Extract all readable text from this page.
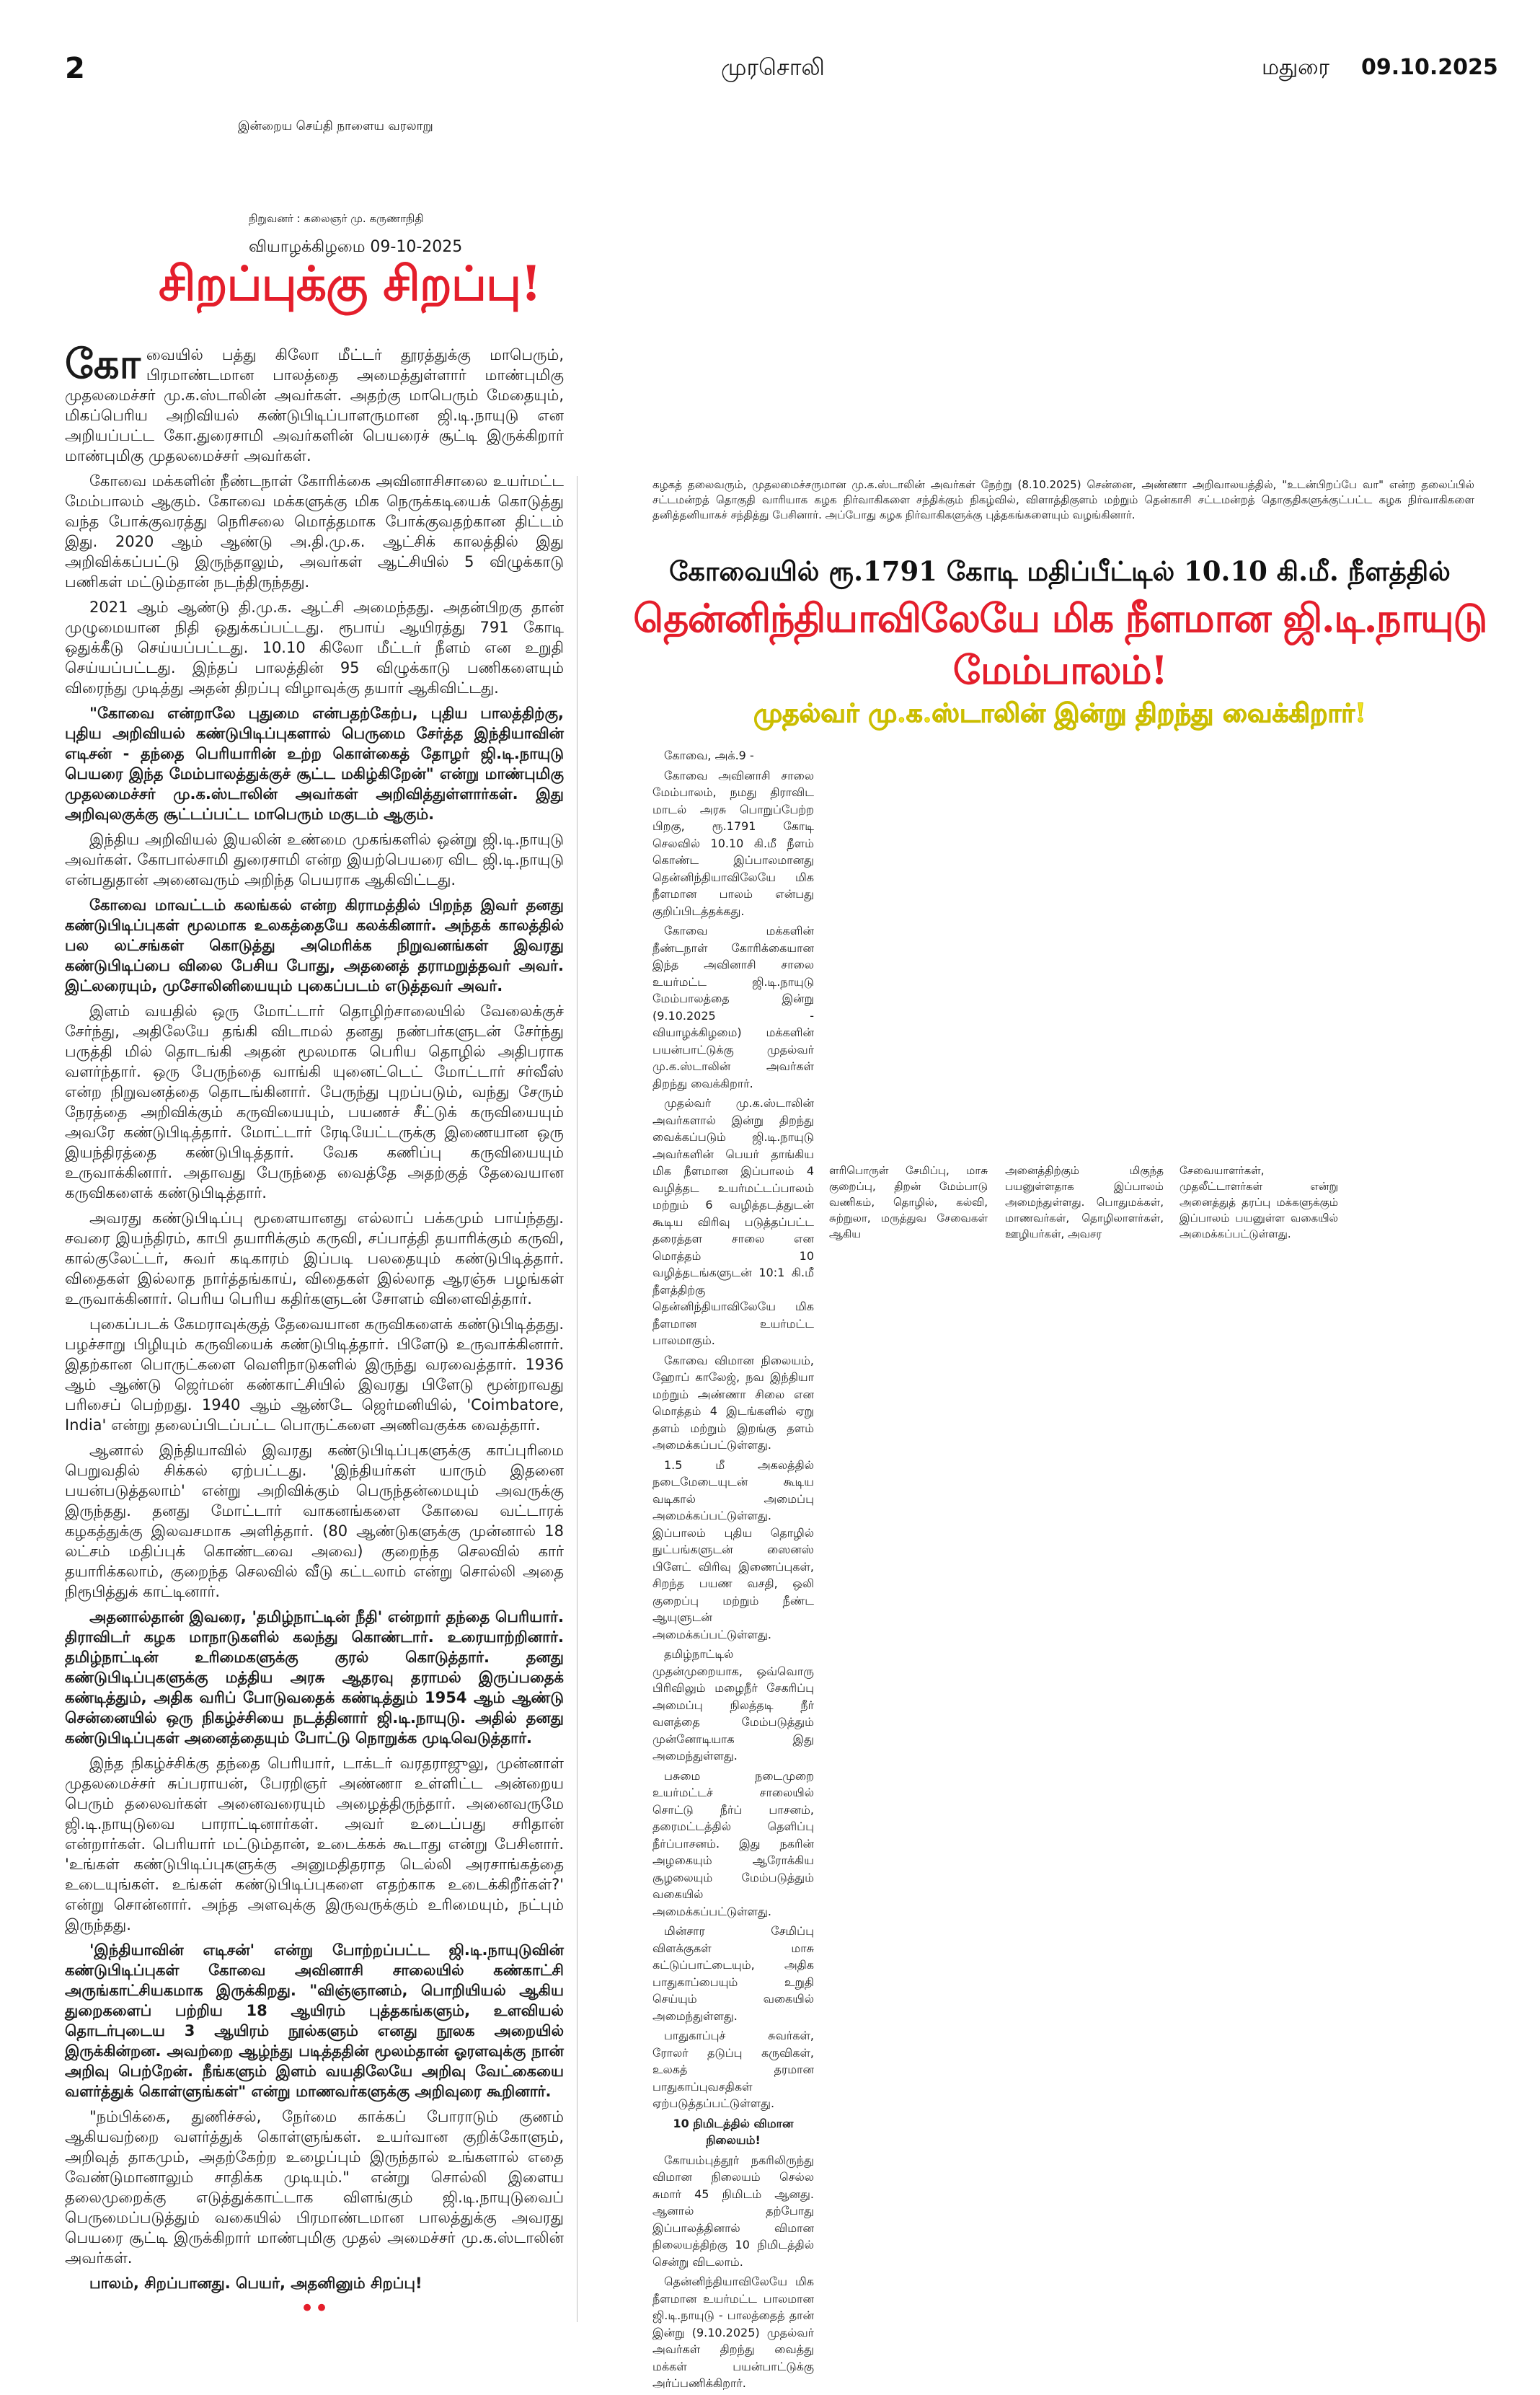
2	முரசொலி	மதுரை 09.10.2025
இன்றைய செய்தி நாளைய வரலாறு
நிறுவனர் : கலைஞர் மு. கருணாநிதி
வியாழக்கிழமை 09-10-2025
சிறப்புக்கு சிறப்பு!

கோவையில் பத்து கிலோ மீட்டர் தூரத்துக்கு மாபெரும், பிரமாண்டமான பாலத்தை அமைத்துள்ளார் மாண்புமிகு முதலமைச்சர் மு.க.ஸ்டாலின் அவர்கள். அதற்கு மாபெரும் மேதையும், மிகப்பெரிய அறிவியல் கண்டுபிடிப்பாளருமான ஜி.டி.நாயுடு என அறியப்பட்ட கோ.துரைசாமி அவர்களின் பெயரைச் சூட்டி இருக்கிறார் மாண்புமிகு முதலமைச்சர் அவர்கள்.

கோவை மக்களின் நீண்டநாள் கோரிக்கை அவினாசிசாலை உயர்மட்ட மேம்பாலம் ஆகும். கோவை மக்களுக்கு மிக நெருக்கடியைக் கொடுத்து வந்த போக்குவரத்து நெரிசலை மொத்தமாக போக்குவதற்கான திட்டம் இது. 2020 ஆம் ஆண்டு அ.தி.மு.க. ஆட்சிக் காலத்தில் இது அறிவிக்கப்பட்டு இருந்தாலும், அவர்கள் ஆட்சியில் 5 விழுக்காடு பணிகள் மட்டும்தான் நடந்திருந்தது.

2021 ஆம் ஆண்டு தி.மு.க. ஆட்சி அமைந்தது. அதன்பிறகு தான் முழுமையான நிதி ஒதுக்கப்பட்டது. ரூபாய் ஆயிரத்து 791 கோடி ஒதுக்கீடு செய்யப்பட்டது. 10.10 கிலோ மீட்டர் நீளம் என உறுதி செய்யப்பட்டது. இந்தப் பாலத்தின் 95 விழுக்காடு பணிகளையும் விரைந்து முடித்து அதன் திறப்பு விழாவுக்கு தயார் ஆகிவிட்டது.

"கோவை என்றாலே புதுமை என்பதற்கேற்ப, புதிய பாலத்திற்கு, புதிய அறிவியல் கண்டுபிடிப்புகளால் பெருமை சேர்த்த இந்தியாவின் எடிசன் - தந்தை பெரியாரின் உற்ற கொள்கைத் தோழர் ஜி.டி.நாயுடு பெயரை இந்த மேம்பாலத்துக்குச் சூட்ட மகிழ்கிறேன்" என்று மாண்புமிகு முதலமைச்சர் மு.க.ஸ்டாலின் அவர்கள் அறிவித்துள்ளார்கள். இது அறிவுலகுக்கு சூட்டப்பட்ட மாபெரும் மகுடம் ஆகும்.

இந்திய அறிவியல் இயலின் உண்மை முகங்களில் ஒன்று ஜி.டி.நாயுடு அவர்கள். கோபால்சாமி துரைசாமி என்ற இயற்பெயரை விட ஜி.டி.நாயுடு என்பதுதான் அனைவரும் அறிந்த பெயராக ஆகிவிட்டது.

கோவை மாவட்டம் கலங்கல் என்ற கிராமத்தில் பிறந்த இவர் தனது கண்டுபிடிப்புகள் மூலமாக உலகத்தையே கலக்கினார். அந்தக் காலத்தில் பல லட்சங்கள் கொடுத்து அமெரிக்க நிறுவனங்கள் இவரது கண்டுபிடிப்பை விலை பேசிய போது, அதனைத் தராமறுத்தவர் அவர். இட்லரையும், முசோலினியையும் புகைப்படம் எடுத்தவர் அவர்.

இளம் வயதில் ஒரு மோட்டார் தொழிற்சாலையில் வேலைக்குச் சேர்ந்து, அதிலேயே தங்கி விடாமல் தனது நண்பர்களுடன் சேர்ந்து பருத்தி மில் தொடங்கி அதன் மூலமாக பெரிய தொழில் அதிபராக வளர்ந்தார். ஒரு பேருந்தை வாங்கி யுனைட்டெட் மோட்டார் சர்வீஸ் என்ற நிறுவனத்தை தொடங்கினார். பேருந்து புறப்படும், வந்து சேரும் நேரத்தை அறிவிக்கும் கருவியையும், பயணச் சீட்டுக் கருவியையும் அவரே கண்டுபிடித்தார். மோட்டார் ரேடியேட்டருக்கு இணையான ஒரு இயந்திரத்தை கண்டுபிடித்தார். வேக கணிப்பு கருவியையும் உருவாக்கினார். அதாவது பேருந்தை வைத்தே அதற்குத் தேவையான கருவிகளைக் கண்டுபிடித்தார்.

அவரது கண்டுபிடிப்பு மூளையானது எல்லாப் பக்கமும் பாய்ந்தது. சவரை இயந்திரம், காபி தயாரிக்கும் கருவி, சப்பாத்தி தயாரிக்கும் கருவி, கால்குலேட்டர், சுவர் கடிகாரம் இப்படி பலதையும் கண்டுபிடித்தார். விதைகள் இல்லாத நார்த்தங்காய், விதைகள் இல்லாத ஆரஞ்சு பழங்கள் உருவாக்கினார். பெரிய பெரிய கதிர்களுடன் சோளம் விளைவித்தார்.

புகைப்படக் கேமராவுக்குத் தேவையான கருவிகளைக் கண்டுபிடித்தது. பழச்சாறு பிழியும் கருவியைக் கண்டுபிடித்தார். பிளேடு உருவாக்கினார். இதற்கான பொருட்களை வெளிநாடுகளில் இருந்து வரவைத்தார். 1936 ஆம் ஆண்டு ஜெர்மன் கண்காட்சியில் இவரது பிளேடு மூன்றாவது பரிசைப் பெற்றது. 1940 ஆம் ஆண்டே ஜெர்மனியில், 'Coimbatore, India' என்று தலைப்பிடப்பட்ட பொருட்களை அணிவகுக்க வைத்தார்.

ஆனால் இந்தியாவில் இவரது கண்டுபிடிப்புகளுக்கு காப்புரிமை பெறுவதில் சிக்கல் ஏற்பட்டது. 'இந்தியர்கள் யாரும் இதனை பயன்படுத்தலாம்' என்று அறிவிக்கும் பெருந்தன்மையும் அவருக்கு இருந்தது. தனது மோட்டார் வாகனங்களை கோவை வட்டாரக் கழகத்துக்கு இலவசமாக அளித்தார். (80 ஆண்டுகளுக்கு முன்னால் 18 லட்சம் மதிப்புக் கொண்டவை அவை) குறைந்த செலவில் கார் தயாரிக்கலாம், குறைந்த செலவில் வீடு கட்டலாம் என்று சொல்லி அதை நிரூபித்துக் காட்டினார்.

அதனால்தான் இவரை, 'தமிழ்நாட்டின் நீதி' என்றார் தந்தை பெரியார். திராவிடர் கழக மாநாடுகளில் கலந்து கொண்டார். உரையாற்றினார். தமிழ்நாட்டின் உரிமைகளுக்கு குரல் கொடுத்தார். தனது கண்டுபிடிப்புகளுக்கு மத்திய அரசு ஆதரவு தராமல் இருப்பதைக் கண்டித்தும், அதிக வரிப் போடுவதைக் கண்டித்தும் 1954 ஆம் ஆண்டு சென்னையில் ஒரு நிகழ்ச்சியை நடத்தினார் ஜி.டி.நாயுடு. அதில் தனது கண்டுபிடிப்புகள் அனைத்தையும் போட்டு நொறுக்க முடிவெடுத்தார்.

இந்த நிகழ்ச்சிக்கு தந்தை பெரியார், டாக்டர் வரதராஜுலு, முன்னாள் முதலமைச்சர் சுப்பராயன், பேரறிஞர் அண்ணா உள்ளிட்ட அன்றைய பெரும் தலைவர்கள் அனைவரையும் அழைத்திருந்தார். அனைவருமே ஜி.டி.நாயுடுவை பாராட்டினார்கள். அவர் உடைப்பது சரிதான் என்றார்கள். பெரியார் மட்டும்தான், உடைக்கக் கூடாது என்று பேசினார். 'உங்கள் கண்டுபிடிப்புகளுக்கு அனுமதிதராத டெல்லி அரசாங்கத்தை உடையுங்கள். உங்கள் கண்டுபிடிப்புகளை எதற்காக உடைக்கிறீர்கள்?' என்று சொன்னார். அந்த அளவுக்கு இருவருக்கும் உரிமையும், நட்பும் இருந்தது.

'இந்தியாவின் எடிசன்' என்று போற்றப்பட்ட ஜி.டி.நாயுடுவின் கண்டுபிடிப்புகள் கோவை அவினாசி சாலையில் கண்காட்சி அருங்காட்சியகமாக இருக்கிறது. "விஞ்ஞானம், பொறியியல் ஆகிய துறைகளைப் பற்றிய 18 ஆயிரம் புத்தகங்களும், உளவியல் தொடர்புடைய 3 ஆயிரம் நூல்களும் எனது நூலக அறையில் இருக்கின்றன. அவற்றை ஆழ்ந்து படித்ததின் மூலம்தான் ஓரளவுக்கு நான் அறிவு பெற்றேன். நீங்களும் இளம் வயதிலேயே அறிவு வேட்கையை வளர்த்துக் கொள்ளுங்கள்" என்று மாணவர்களுக்கு அறிவுரை கூறினார்.

"நம்பிக்கை, துணிச்சல், நேர்மை காக்கப் போராடும் குணம் ஆகியவற்றை வளர்த்துக் கொள்ளுங்கள். உயர்வான குறிக்கோளும், அறிவுத் தாகமும், அதற்கேற்ற உழைப்பும் இருந்தால் உங்களால் எதை வேண்டுமானாலும் சாதிக்க முடியும்." என்று சொல்லி இளைய தலைமுறைக்கு எடுத்துக்காட்டாக விளங்கும் ஜி.டி.நாயுடுவைப் பெருமைப்படுத்தும் வகையில் பிரமாண்டமான பாலத்துக்கு அவரது பெயரை சூட்டி இருக்கிறார் மாண்புமிகு முதல் அமைச்சர் மு.க.ஸ்டாலின் அவர்கள்.

பாலம், சிறப்பானது. பெயர், அதனினும் சிறப்பு!

••
கழகத் தலைவரும், முதலமைச்சருமான மு.க.ஸ்டாலின் அவர்கள் நேற்று (8.10.2025) சென்னை, அண்ணா அறிவாலயத்தில், "உடன்பிறப்பே வா" என்ற தலைப்பில் சட்டமன்றத் தொகுதி வாரியாக கழக நிர்வாகிகளை சந்திக்கும் நிகழ்வில், விளாத்திகுளம் மற்றும் தென்காசி சட்டமன்றத் தொகுதிகளுக்குட்பட்ட கழக நிர்வாகிகளை தனித்தனியாகச் சந்தித்து பேசினார். அப்போது கழக நிர்வாகிகளுக்கு புத்தகங்களையும் வழங்கினார்.
கோவையில் ரூ.1791 கோடி மதிப்பீட்டில் 10.10 கி.மீ. நீளத்தில்
தென்னிந்தியாவிலேயே மிக நீளமான ஜி.டி.நாயுடு மேம்பாலம்!
முதல்வர் மு.க.ஸ்டாலின் இன்று திறந்து வைக்கிறார்!

கோவை, அக்.9 -

கோவை அவினாசி சாலை மேம்பாலம், நமது திராவிட மாடல் அரசு பொறுப்பேற்ற பிறகு, ரூ.1791 கோடி செலவில் 10.10 கி.மீ நீளம் கொண்ட இப்பாலமானது தென்னிந்தியாவிலேயே மிக நீளமான பாலம் என்பது குறிப்பிடத்தக்கது.

கோவை மக்களின் நீண்டநாள் கோரிக்கையான இந்த அவினாசி சாலை உயர்மட்ட ஜி.டி.நாயுடு மேம்பாலத்தை இன்று (9.10.2025 - வியாழக்கிழமை) மக்களின் பயன்பாட்டுக்கு முதல்வர் மு.க.ஸ்டாலின் அவர்கள் திறந்து வைக்கிறார்.

முதல்வர் மு.க.ஸ்டாலின் அவர்களால் இன்று திறந்து வைக்கப்படும் ஜி.டி.நாயுடு அவர்களின் பெயர் தாங்கிய மிக நீளமான இப்பாலம் 4 வழித்தட உயர்மட்டப்பாலம் மற்றும் 6 வழித்தடத்துடன் கூடிய விரிவு படுத்தப்பட்ட தரைத்தள சாலை என மொத்தம் 10 வழித்தடங்களுடன் 10:1 கி.மீ நீளத்திற்கு தென்னிந்தியாவிலேயே மிக நீளமான உயர்மட்ட பாலமாகும்.

கோவை விமான நிலையம், ஹோப் காலேஜ், நவ இந்தியா மற்றும் அண்ணா சிலை என மொத்தம் 4 இடங்களில் ஏறு தளம் மற்றும் இறங்கு தளம் அமைக்கப்பட்டுள்ளது.

1.5 மீ அகலத்தில் நடைமேடையுடன் கூடிய வடிகால் அமைப்பு அமைக்கப்பட்டுள்ளது. இப்பாலம் புதிய தொழில் நுட்பங்களுடன் ஸைனஸ் பிளேட் விரிவு இணைப்புகள், சிறந்த பயண வசதி, ஒலி குறைப்பு மற்றும் நீண்ட ஆயுளுடன் அமைக்கப்பட்டுள்ளது.

தமிழ்நாட்டில் முதன்முறையாக, ஒவ்வொரு பிரிவிலும் மழைநீர் சேகரிப்பு அமைப்பு நிலத்தடி நீர் வளத்தை மேம்படுத்தும் முன்னோடியாக இது அமைந்துள்ளது.

பசுமை நடைமுறை உயர்மட்டச் சாலையில் சொட்டு நீர்ப் பாசனம், தரைமட்டத்தில் தெளிப்பு நீர்ப்பாசனம். இது நகரின் அழகையும் ஆரோக்கிய சூழலையும் மேம்படுத்தும் வகையில் அமைக்கப்பட்டுள்ளது.

மின்சார சேமிப்பு விளக்குகள் மாசு கட்டுப்பாட்டையும், அதிக பாதுகாப்பையும் உறுதி செய்யும் வகையில் அமைந்துள்ளது.

பாதுகாப்புச் சுவர்கள், ரோலர் தடுப்பு கருவிகள், உலகத் தரமான பாதுகாப்புவசதிகள் ஏற்படுத்தப்பட்டுள்ளது.

10 நிமிடத்தில் விமான நிலையம்!

கோயம்புத்தூர் நகரிலிருந்து விமான நிலையம் செல்ல சுமார் 45 நிமிடம் ஆனது. ஆனால் தற்போது இப்பாலத்தினால் விமான நிலையத்திற்கு 10 நிமிடத்தில் சென்று விடலாம்.

தென்னிந்தியாவிலேயே மிக நீளமான உயர்மட்ட பாலமான ஜி.டி.நாயுடு - பாலத்தைத் தான் இன்று (9.10.2025) முதல்வர் அவர்கள் திறந்து வைத்து மக்கள் பயன்பாட்டுக்கு அர்ப்பணிக்கிறார்.

ளரிபொருள் சேமிப்பு, மாசு குறைப்பு, திறன் மேம்பாடு வணிகம், தொழில், கல்வி, சுற்றுலா, மருத்துவ சேவைகள் ஆகிய
அனைத்திற்கும் மிகுந்த பயனுள்ளதாக இப்பாலம் அமைந்துள்ளது. பொதுமக்கள், மாணவர்கள், தொழிலாளர்கள், ஊழியர்கள், அவசர
சேவையாளர்கள், முதலீட்டாளர்கள் என்று அனைத்துத் தரப்பு மக்களுக்கும் இப்பாலம் பயனுள்ள வகையில் அமைக்கப்பட்டுள்ளது.
